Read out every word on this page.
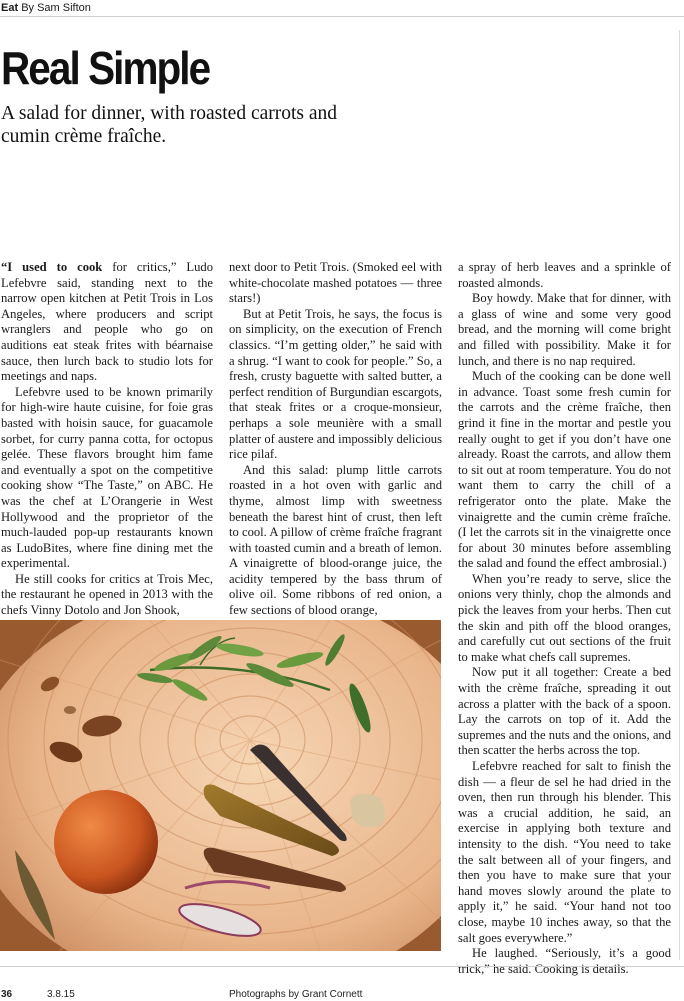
Eat By Sam Sifton
Real Simple

A salad for dinner, with roasted carrots and cumin crème fraîche.

“I used to cook for critics,” Ludo Lefebvre said, standing next to the narrow open kitchen at Petit Trois in Los Angeles, where producers and script wranglers and people who go on auditions eat steak frites with béarnaise sauce, then lurch back to studio lots for meetings and naps.

Lefebvre used to be known primarily for high-wire haute cuisine, for foie gras basted with hoisin sauce, for guacamole sorbet, for curry panna cotta, for octopus gelée. These flavors brought him fame and eventually a spot on the competitive cooking show “The Taste,” on ABC. He was the chef at L’Orangerie in West Hollywood and the proprietor of the much-lauded pop-up restaurants known as LudoBites, where fine dining met the experimental.

He still cooks for critics at Trois Mec, the restaurant he opened in 2013 with the chefs Vinny Dotolo and Jon Shook,

next door to Petit Trois. (Smoked eel with white-chocolate mashed potatoes — three stars!)

But at Petit Trois, he says, the focus is on simplicity, on the execution of French classics. “I’m getting older,” he said with a shrug. “I want to cook for people.” So, a fresh, crusty baguette with salted butter, a perfect rendition of Burgundian escargots, that steak frites or a croque-monsieur, perhaps a sole meunière with a small platter of austere and impossibly delicious rice pilaf.

And this salad: plump little carrots roasted in a hot oven with garlic and thyme, almost limp with sweetness beneath the barest hint of crust, then left to cool. A pillow of crème fraîche fragrant with toasted cumin and a breath of lemon. A vinaigrette of blood-orange juice, the acidity tempered by the bass thrum of olive oil. Some ribbons of red onion, a few sections of blood orange,

a spray of herb leaves and a sprinkle of roasted almonds.

Boy howdy. Make that for dinner, with a glass of wine and some very good bread, and the morning will come bright and filled with possibility. Make it for lunch, and there is no nap required.

Much of the cooking can be done well in advance. Toast some fresh cumin for the carrots and the crème fraîche, then grind it fine in the mortar and pestle you really ought to get if you don’t have one already. Roast the carrots, and allow them to sit out at room temperature. You do not want them to carry the chill of a refrigerator onto the plate. Make the vinaigrette and the cumin crème fraîche. (I let the carrots sit in the vinaigrette once for about 30 minutes before assembling the salad and found the effect ambrosial.)

When you’re ready to serve, slice the onions very thinly, chop the almonds and pick the leaves from your herbs. Then cut the skin and pith off the blood oranges, and carefully cut out sections of the fruit to make what chefs call supremes.

Now put it all together: Create a bed with the crème fraîche, spreading it out across a platter with the back of a spoon. Lay the carrots on top of it. Add the supremes and the nuts and the onions, and then scatter the herbs across the top.

Lefebvre reached for salt to finish the dish — a fleur de sel he had dried in the oven, then run through his blender. This was a crucial addition, he said, an exercise in applying both texture and intensity to the dish. “You need to take the salt between all of your fingers, and then you have to make sure that your hand moves slowly around the plate to apply it,” he said. “Your hand not too close, maybe 10 inches away, so that the salt goes everywhere.”

He laughed. “Seriously, it’s a good trick,” he said. Cooking is details.

36	3.8.15	Photographs by Grant Cornett
